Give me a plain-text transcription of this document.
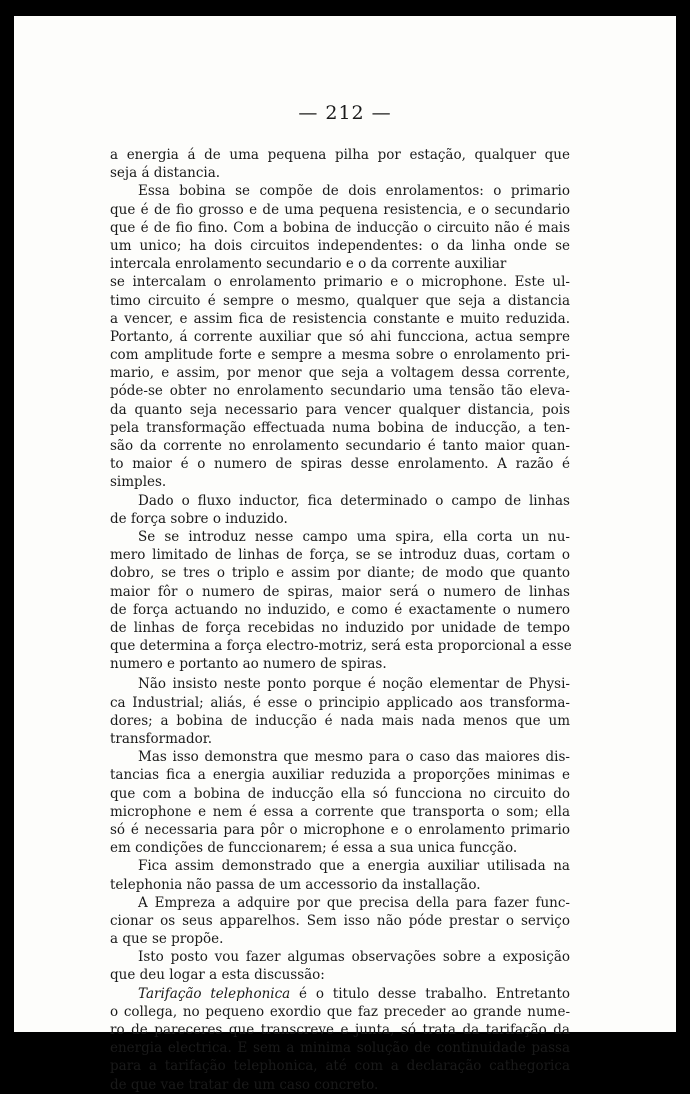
— 212 —
a energia á de uma pequena pilha por estação, qualquer que
seja á distancia.
Essa bobina se compõe de dois enrolamentos: o primario
que é de fio grosso e de uma pequena resistencia, e o secundario
que é de fio fino. Com a bobina de inducção o circuito não é mais
um unico; ha dois circuitos independentes: o da linha onde se
intercala enrolamento secundario e o da corrente auxiliar
se intercalam o enrolamento primario e o microphone. Este ul-
timo circuito é sempre o mesmo, qualquer que seja a distancia
a vencer, e assim fica de resistencia constante e muito reduzida.
Portanto, á corrente auxiliar que só ahi funcciona, actua sempre
com amplitude forte e sempre a mesma sobre o enrolamento pri-
mario, e assim, por menor que seja a voltagem dessa corrente,
póde-se obter no enrolamento secundario uma tensão tão eleva-
da quanto seja necessario para vencer qualquer distancia, pois
pela transformação effectuada numa bobina de inducção, a ten-
são da corrente no enrolamento secundario é tanto maior quan-
to maior é o numero de spiras desse enrolamento. A razão é
simples.
Dado o fluxo inductor, fica determinado o campo de linhas
de força sobre o induzido.
Se se introduz nesse campo uma spira, ella corta un nu-
mero limitado de linhas de força, se se introduz duas, cortam o
dobro, se tres o triplo e assim por diante; de modo que quanto
maior fôr o numero de spiras, maior será o numero de linhas
de força actuando no induzido, e como é exactamente o numero
de linhas de força recebidas no induzido por unidade de tempo
que determina a força electro-motriz, será esta proporcional a esse
numero e portanto ao numero de spiras.
Não insisto neste ponto porque é noção elementar de Physi-
ca Industrial; aliás, é esse o principio applicado aos transforma-
dores; a bobina de inducção é nada mais nada menos que um
transformador.
Mas isso demonstra que mesmo para o caso das maiores dis-
tancias fica a energia auxiliar reduzida a proporções minimas e
que com a bobina de inducção ella só funcciona no circuito do
microphone e nem é essa a corrente que transporta o som; ella
só é necessaria para pôr o microphone e o enrolamento primario
em condições de funccionarem; é essa a sua unica funcção.
Fica assim demonstrado que a energia auxiliar utilisada na
telephonia não passa de um accessorio da installação.
A Empreza a adquire por que precisa della para fazer func-
cionar os seus apparelhos. Sem isso não póde prestar o serviço
a que se propõe.
Isto posto vou fazer algumas observações sobre a exposição
que deu logar a esta discussão:
Tarifação telephonica é o titulo desse trabalho. Entretanto
o collega, no pequeno exordio que faz preceder ao grande nume-
ro de pareceres que transcreve e junta, só trata da tarifação da
energia electrica. E sem a minima solução de continuidade passa
para a tarifação telephonica, até com a declaração cathegorica
de que vae tratar de um caso concreto.
